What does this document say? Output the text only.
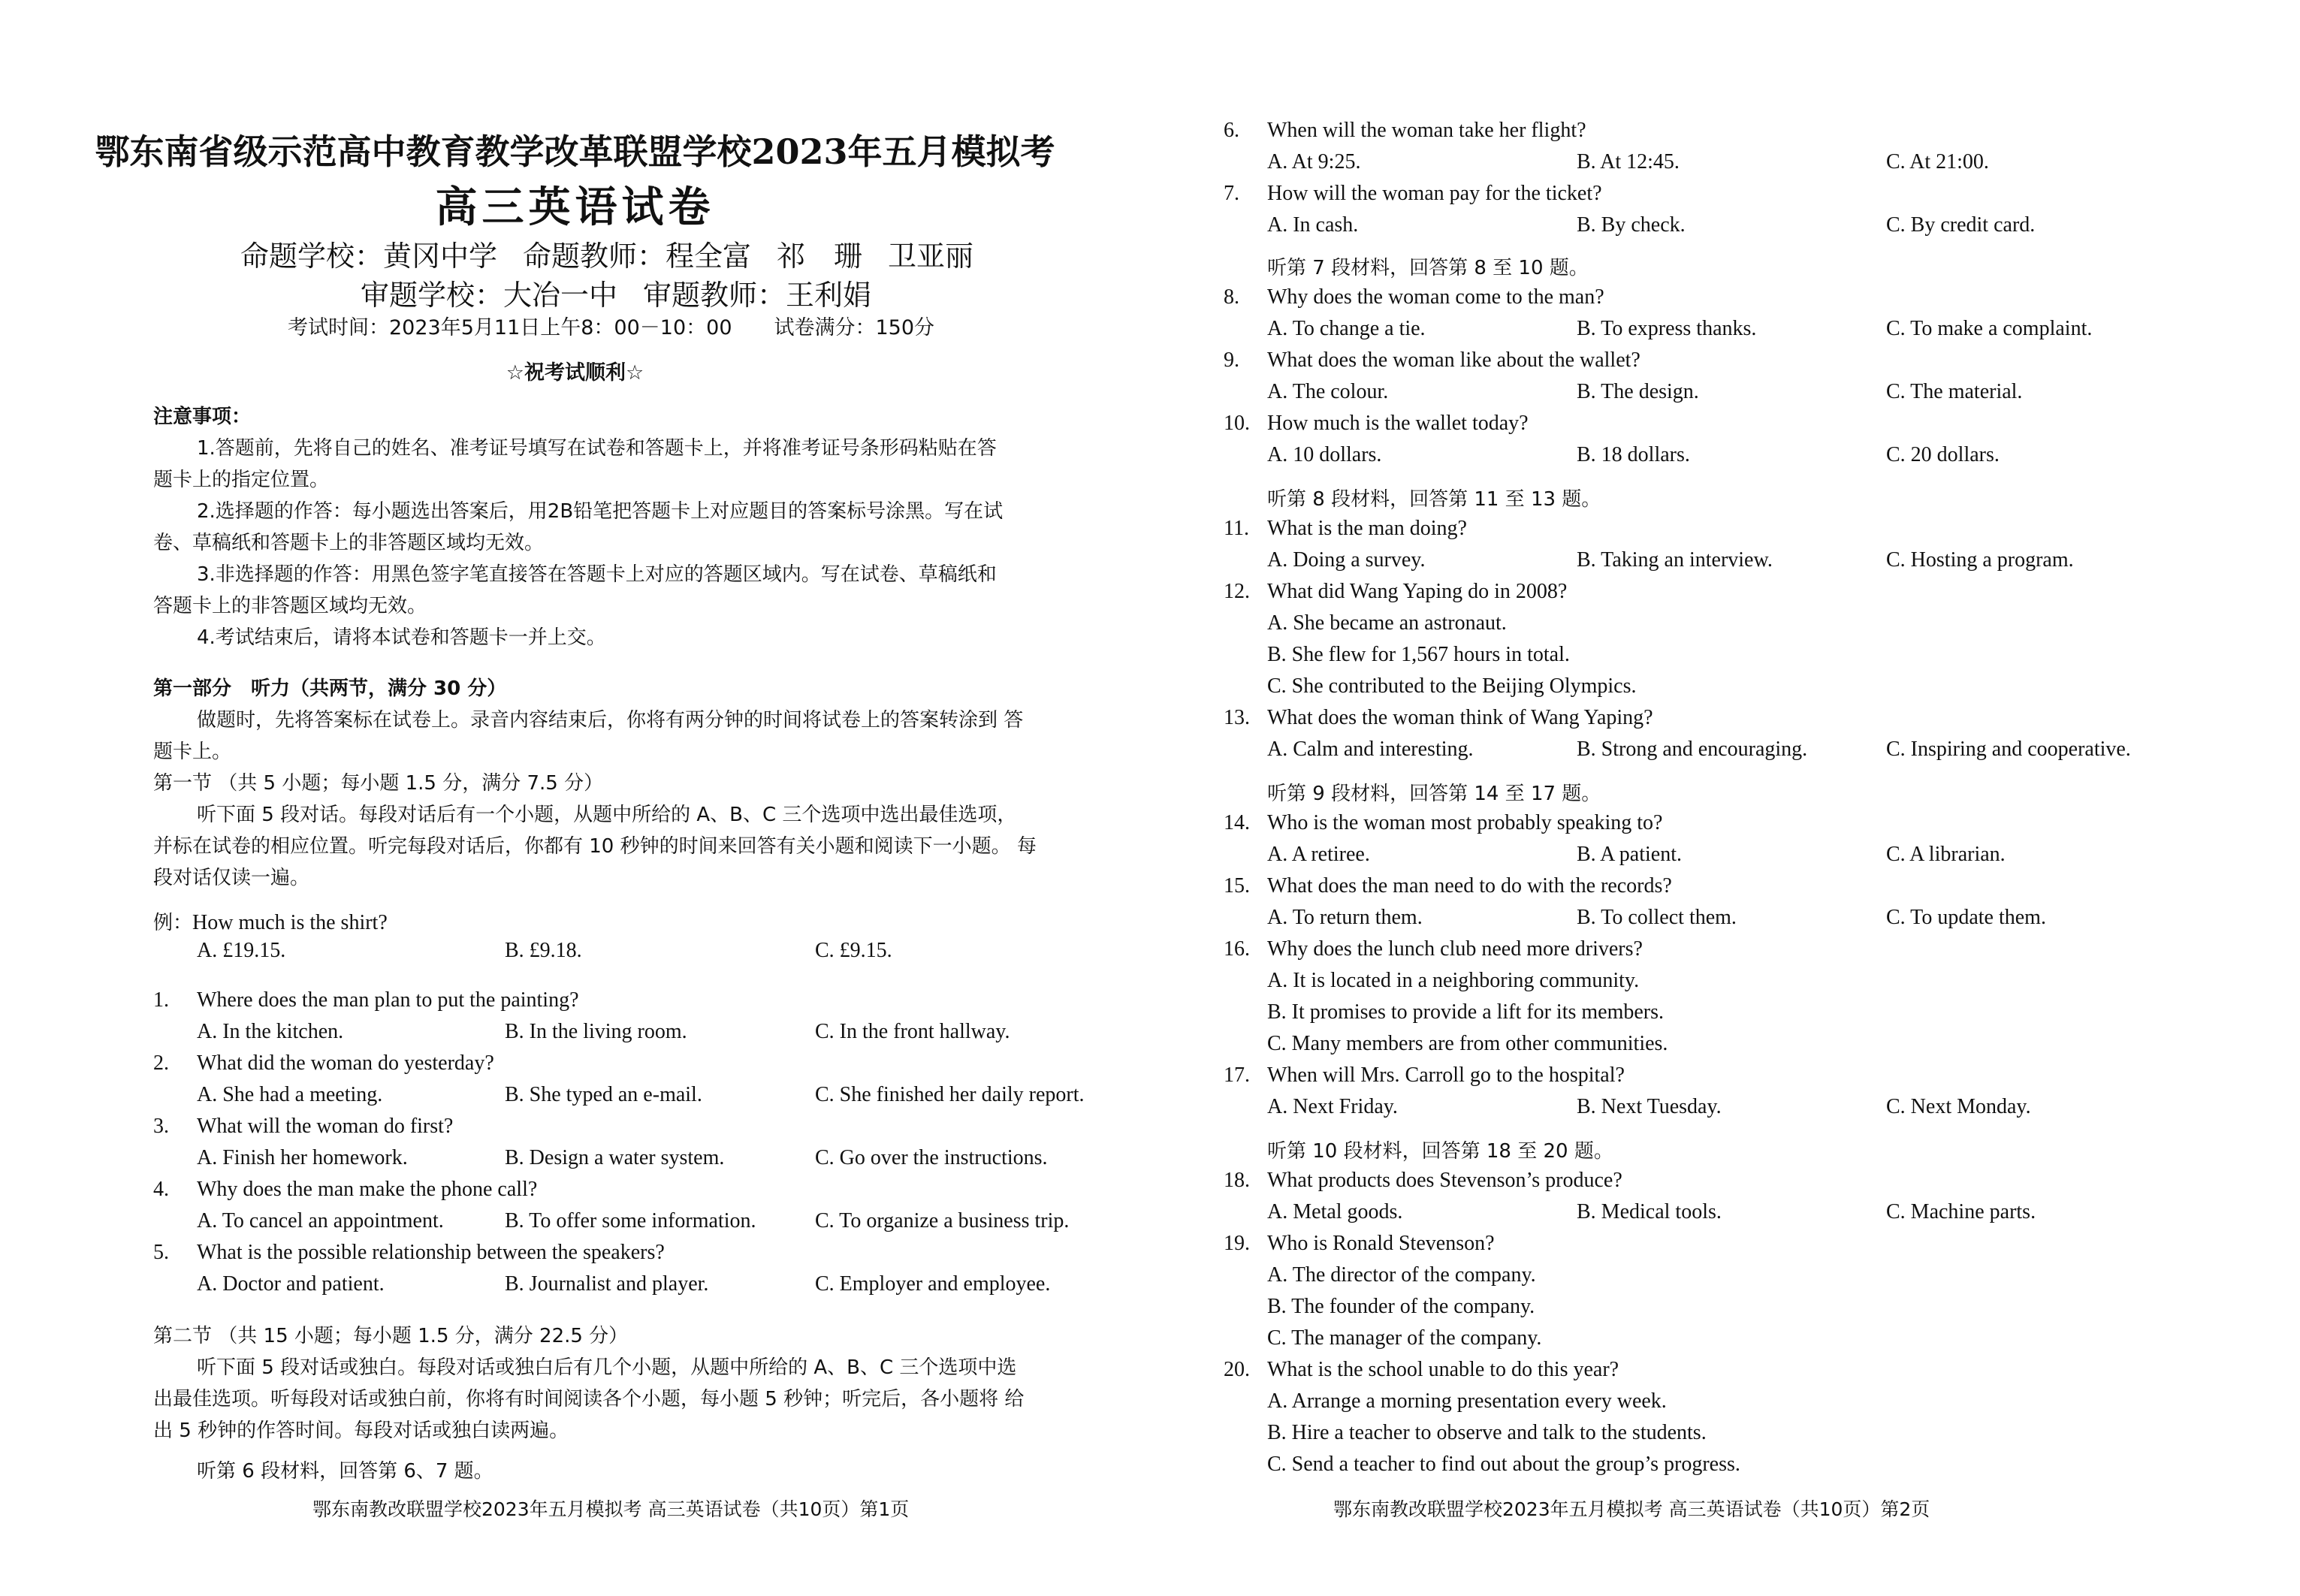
鄂东南省级示范高中教育教学改革联盟学校2023年五月模拟考
高三英语试卷
命题学校：黄冈中学 命题教师：程全富 祁　珊 卫亚丽
审题学校：大冶一中 审题教师：王利娟
考试时间：2023年5月11日上午8：00－10：00 试卷满分：150分
☆祝考试顺利☆
注意事项：
1.答题前，先将自己的姓名、准考证号填写在试卷和答题卡上，并将准考证号条形码粘贴在答
题卡上的指定位置。
2.选择题的作答：每小题选出答案后，用2B铅笔把答题卡上对应题目的答案标号涂黑。写在试
卷、草稿纸和答题卡上的非答题区域均无效。
3.非选择题的作答：用黑色签字笔直接答在答题卡上对应的答题区域内。写在试卷、草稿纸和
答题卡上的非答题区域均无效。
4.考试结束后，请将本试卷和答题卡一并上交。
第一部分　听力（共两节，满分 30 分）
做题时，先将答案标在试卷上。录音内容结束后，你将有两分钟的时间将试卷上的答案转涂到 答
题卡上。
第一节 （共 5 小题；每小题 1.5 分，满分 7.5 分）
听下面 5 段对话。每段对话后有一个小题，从题中所给的 A、B、C 三个选项中选出最佳选项，
并标在试卷的相应位置。听完每段对话后，你都有 10 秒钟的时间来回答有关小题和阅读下一小题。 每
段对话仅读一遍。
例：How much is the shirt?
A. £19.15.	B. £9.18.	C. £9.15.
1. Where does the man plan to put the painting?
A. In the kitchen.	B. In the living room.	C. In the front hallway.
2. What did the woman do yesterday?
A. She had a meeting.	B. She typed an e-mail.	C. She finished her daily report.
3. What will the woman do first?
A. Finish her homework.	B. Design a water system.	C. Go over the instructions.
4. Why does the man make the phone call?
A. To cancel an appointment.	B. To offer some information.	C. To organize a business trip.
5. What is the possible relationship between the speakers?
A. Doctor and patient.	B. Journalist and player.	C. Employer and employee.
第二节 （共 15 小题；每小题 1.5 分，满分 22.5 分）
听下面 5 段对话或独白。每段对话或独白后有几个小题，从题中所给的 A、B、C 三个选项中选
出最佳选项。听每段对话或独白前，你将有时间阅读各个小题，每小题 5 秒钟；听完后，各小题将 给
出 5 秒钟的作答时间。每段对话或独白读两遍。
听第 6 段材料，回答第 6、7 题。
鄂东南教改联盟学校2023年五月模拟考 高三英语试卷（共10页）第1页
6. When will the woman take her flight?
A. At 9:25.	B. At 12:45.	C. At 21:00.
7. How will the woman pay for the ticket?
A. In cash.	B. By check.	C. By credit card.
听第 7 段材料，回答第 8 至 10 题。
8. Why does the woman come to the man?
A. To change a tie.	B. To express thanks.	C. To make a complaint.
9. What does the woman like about the wallet?
A. The colour.	B. The design.	C. The material.
10. How much is the wallet today?
A. 10 dollars.	B. 18 dollars.	C. 20 dollars.
听第 8 段材料，回答第 11 至 13 题。
11. What is the man doing?
A. Doing a survey.	B. Taking an interview.	C. Hosting a program.
12. What did Wang Yaping do in 2008?
A. She became an astronaut.
B. She flew for 1,567 hours in total.
C. She contributed to the Beijing Olympics.
13. What does the woman think of Wang Yaping?
A. Calm and interesting.	B. Strong and encouraging.	C. Inspiring and cooperative.
听第 9 段材料，回答第 14 至 17 题。
14. Who is the woman most probably speaking to?
A. A retiree.	B. A patient.	C. A librarian.
15. What does the man need to do with the records?
A. To return them.	B. To collect them.	C. To update them.
16. Why does the lunch club need more drivers?
A. It is located in a neighboring community.
B. It promises to provide a lift for its members.
C. Many members are from other communities.
17. When will Mrs. Carroll go to the hospital?
A. Next Friday.	B. Next Tuesday.	C. Next Monday.
听第 10 段材料，回答第 18 至 20 题。
18. What products does Stevenson’s produce?
A. Metal goods.	B. Medical tools.	C. Machine parts.
19. Who is Ronald Stevenson?
A. The director of the company.
B. The founder of the company.
C. The manager of the company.
20. What is the school unable to do this year?
A. Arrange a morning presentation every week.
B. Hire a teacher to observe and talk to the students.
C. Send a teacher to find out about the group’s progress.
鄂东南教改联盟学校2023年五月模拟考 高三英语试卷（共10页）第2页
